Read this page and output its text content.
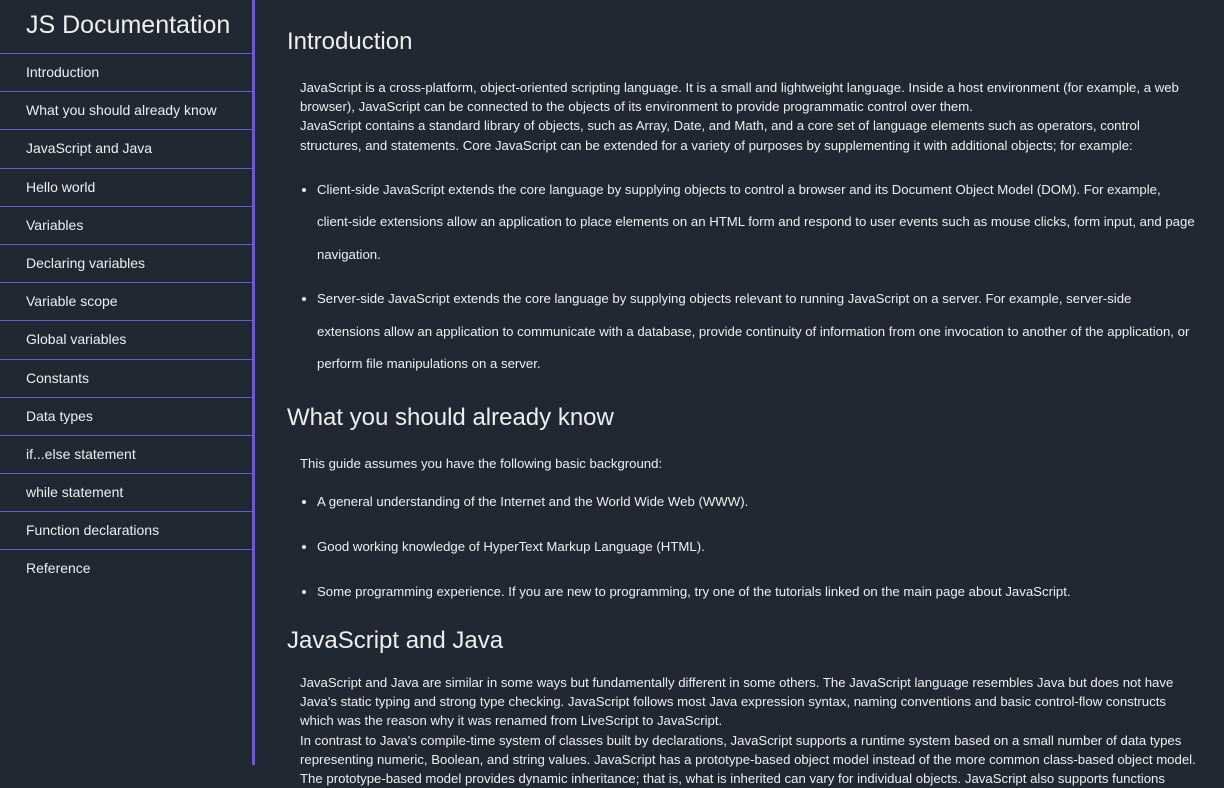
JS Documentation
Introduction
What you should already know
JavaScript and Java
Hello world
Variables
Declaring variables
Variable scope
Global variables
Constants
Data types
if...else statement
while statement
Function declarations
Reference
Introduction

JavaScript is a cross-platform, object-oriented scripting language. It is a small and lightweight language. Inside a host environment (for example, a web browser), JavaScript can be connected to the objects of its environment to provide programmatic control over them.

JavaScript contains a standard library of objects, such as Array, Date, and Math, and a core set of language elements such as operators, control structures, and statements. Core JavaScript can be extended for a variety of purposes by supplementing it with additional objects; for example:

• Client-side JavaScript extends the core language by supplying objects to control a browser and its Document Object Model (DOM). For example, client-side extensions allow an application to place elements on an HTML form and respond to user events such as mouse clicks, form input, and page navigation.
• Server-side JavaScript extends the core language by supplying objects relevant to running JavaScript on a server. For example, server-side extensions allow an application to communicate with a database, provide continuity of information from one invocation to another of the application, or perform file manipulations on a server.
What you should already know

This guide assumes you have the following basic background:

• A general understanding of the Internet and the World Wide Web (WWW).
• Good working knowledge of HyperText Markup Language (HTML).
• Some programming experience. If you are new to programming, try one of the tutorials linked on the main page about JavaScript.
JavaScript and Java

JavaScript and Java are similar in some ways but fundamentally different in some others. The JavaScript language resembles Java but does not have Java's static typing and strong type checking. JavaScript follows most Java expression syntax, naming conventions and basic control-flow constructs which was the reason why it was renamed from LiveScript to JavaScript.

In contrast to Java's compile-time system of classes built by declarations, JavaScript supports a runtime system based on a small number of data types representing numeric, Boolean, and string values. JavaScript has a prototype-based object model instead of the more common class-based object model. The prototype-based model provides dynamic inheritance; that is, what is inherited can vary for individual objects. JavaScript also supports functions
